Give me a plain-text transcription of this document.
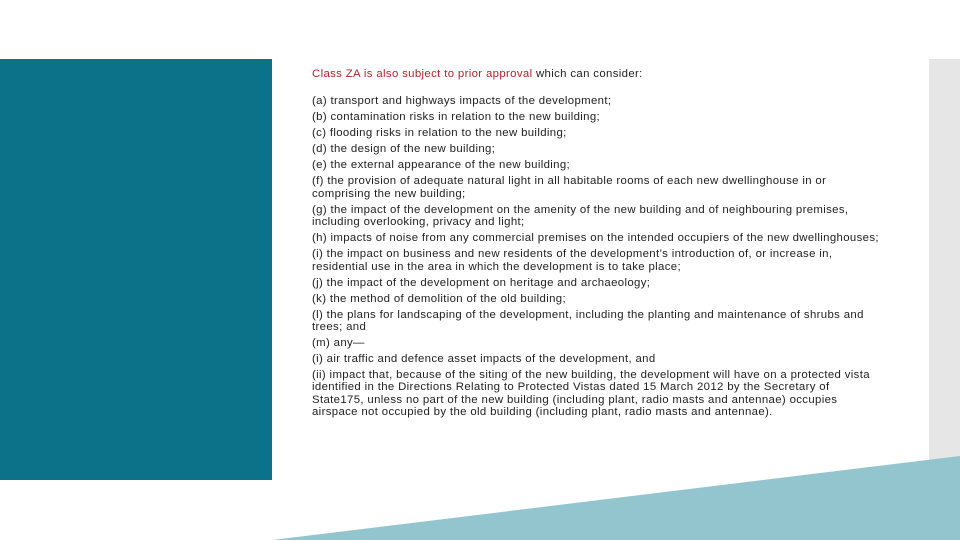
Class ZA is also subject to prior approval which can consider:
(a) transport and highways impacts of the development;
(b) contamination risks in relation to the new building;
(c) flooding risks in relation to the new building;
(d) the design of the new building;
(e) the external appearance of the new building;
(f) the provision of adequate natural light in all habitable rooms of each new dwellinghouse in or comprising the new building;
(g) the impact of the development on the amenity of the new building and of neighbouring premises, including overlooking, privacy and light;
(h) impacts of noise from any commercial premises on the intended occupiers of the new dwellinghouses;
(i) the impact on business and new residents of the development’s introduction of, or increase in, residential use in the area in which the development is to take place;
(j) the impact of the development on heritage and archaeology;
(k) the method of demolition of the old building;
(l) the plans for landscaping of the development, including the planting and maintenance of shrubs and trees; and
(m) any—
(i) air traffic and defence asset impacts of the development, and
(ii) impact that, because of the siting of the new building, the development will have on a protected vista identified in the Directions Relating to Protected Vistas dated 15 March 2012 by the Secretary of State175, unless no part of the new building (including plant, radio masts and antennae) occupies airspace not occupied by the old building (including plant, radio masts and antennae).
